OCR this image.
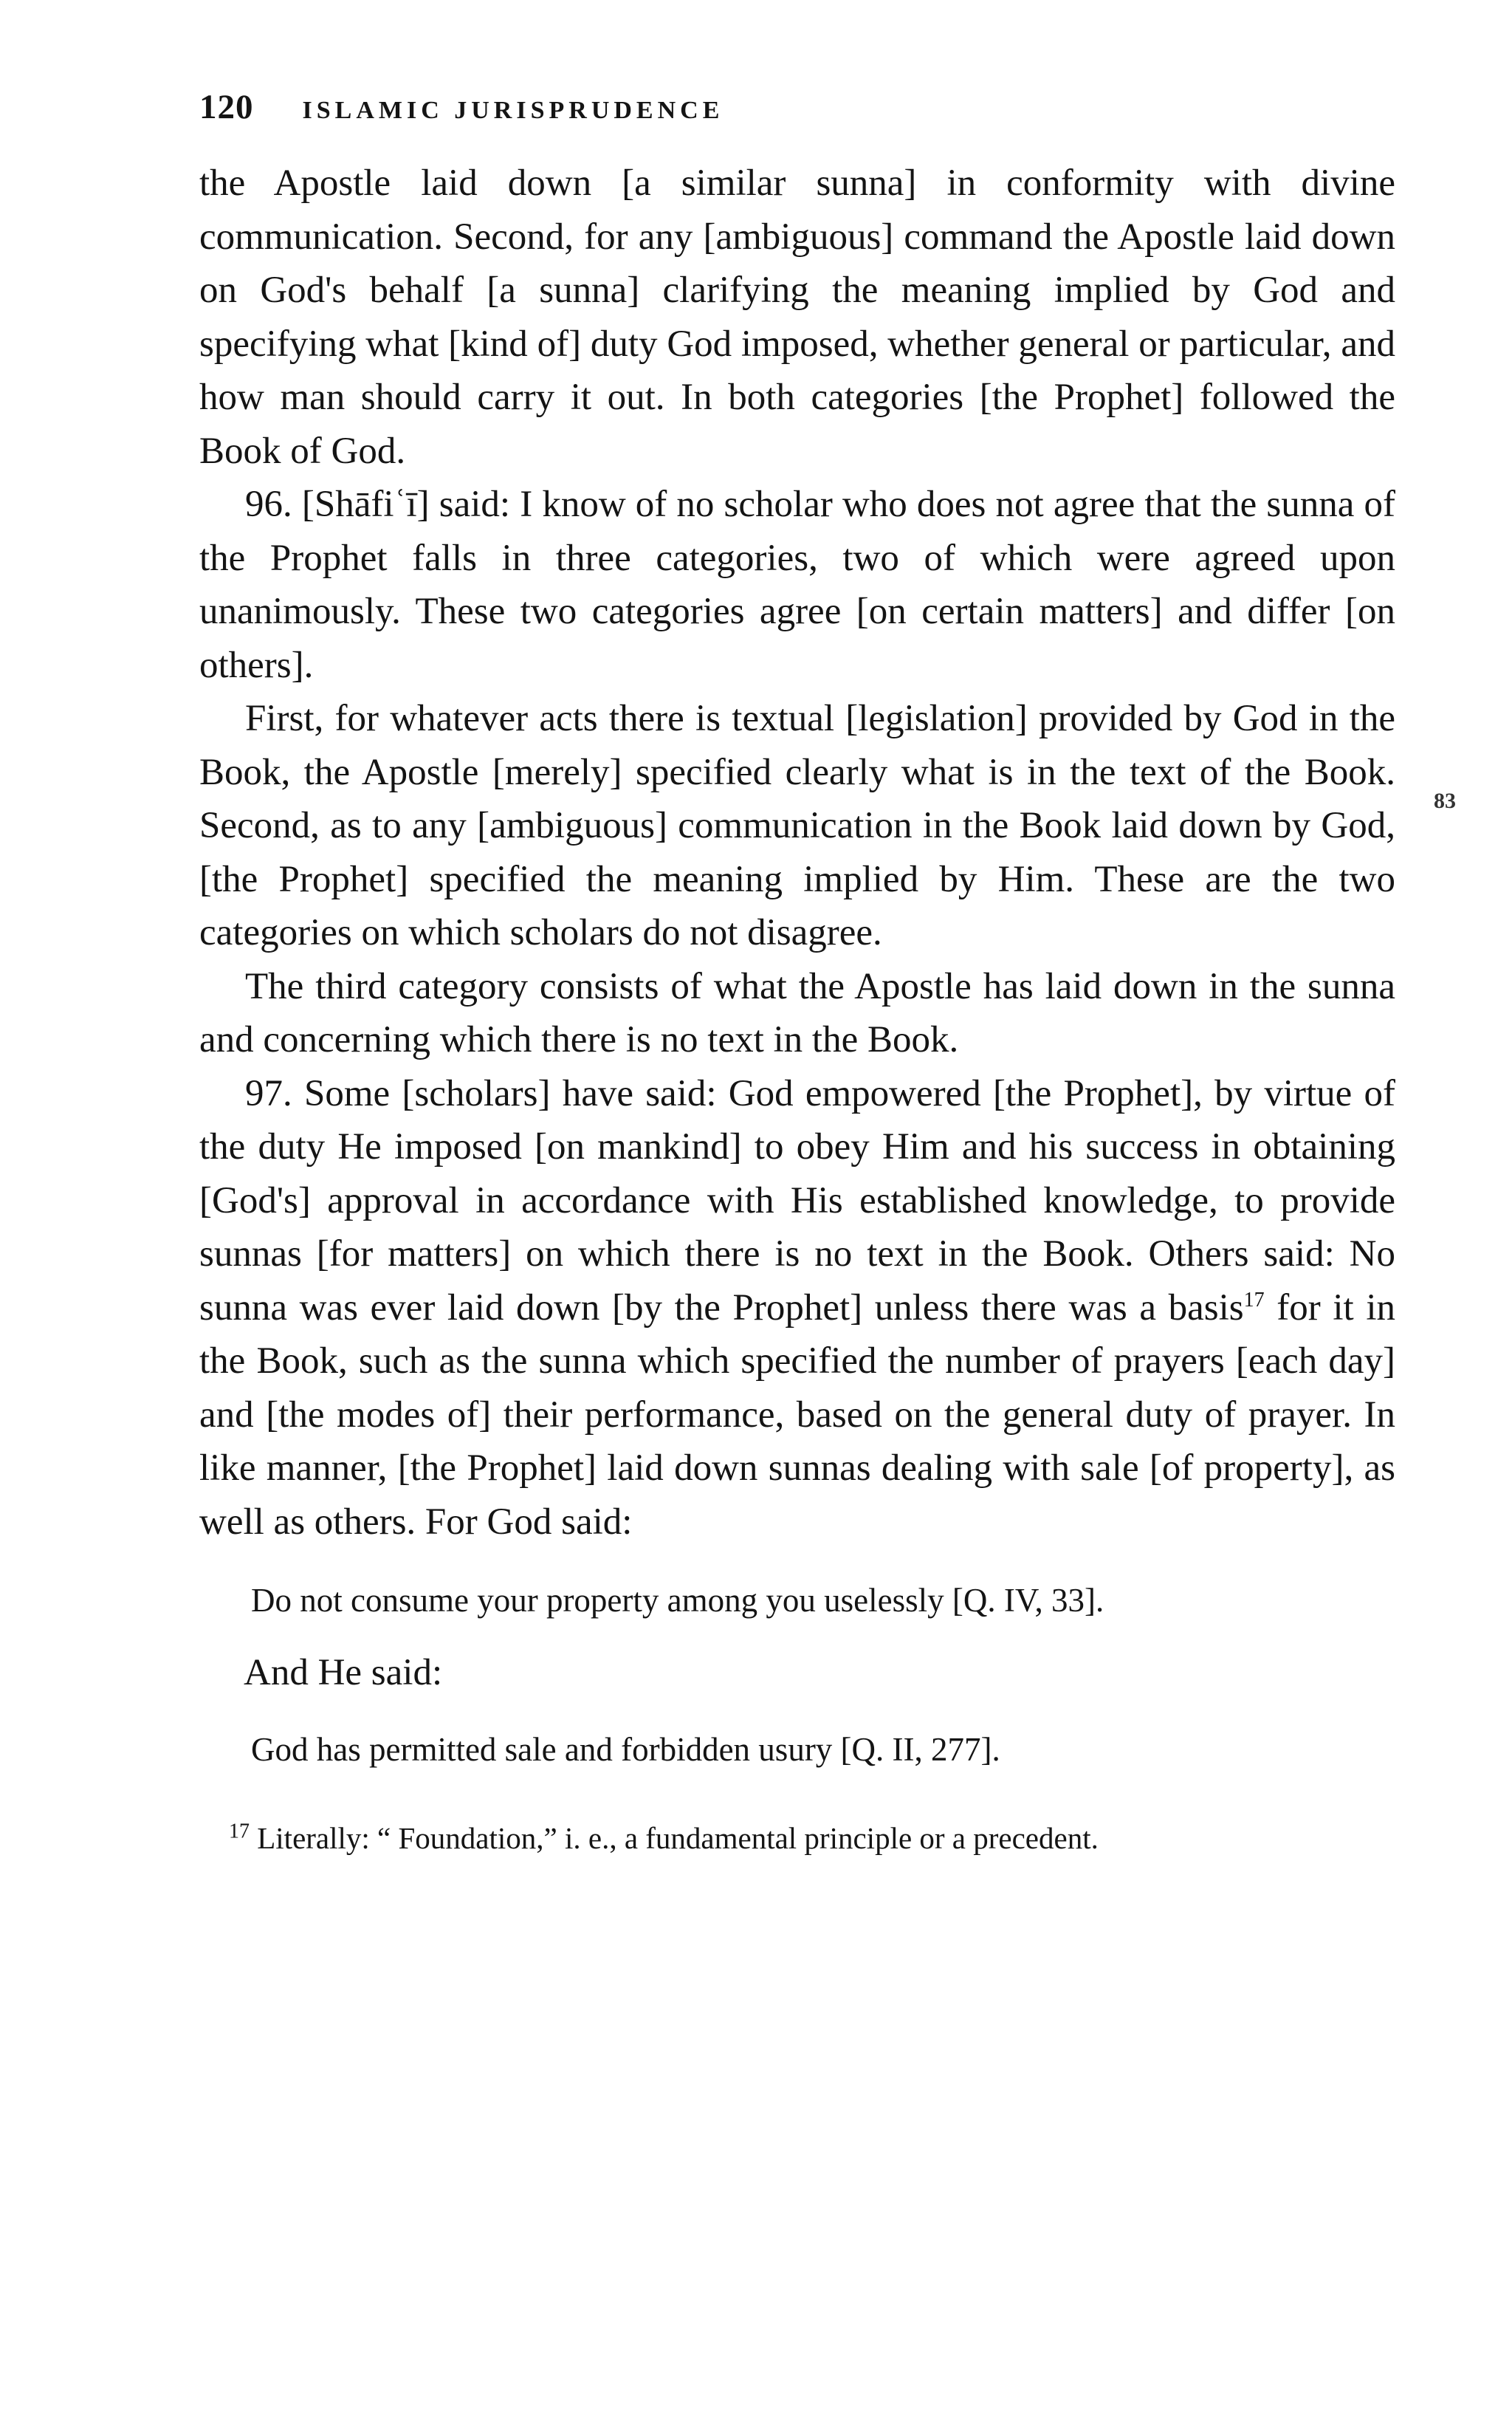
120 ISLAMIC JURISPRUDENCE

the Apostle laid down [a similar sunna] in conformity with divine communication. Second, for any [ambiguous] command the Apostle laid down on God's behalf [a sunna] clarifying the meaning implied by God and specifying what [kind of] duty God imposed, whether general or particular, and how man should carry it out. In both categories [the Prophet] followed the Book of God.

96. [Shāfiʿī] said: I know of no scholar who does not agree that the sunna of the Prophet falls in three categories, two of which were agreed upon unanimously. These two categories agree [on certain matters] and differ [on others].

First, for whatever acts there is textual [legislation] provided by God in the Book, the Apostle [merely] specified clearly what is in the text of the Book. Second, as to any [ambiguous] communication in the Book laid down by God, [the Prophet] specified the meaning implied by Him. These are the two categories on which scholars do not disagree.

The third category consists of what the Apostle has laid down in the sunna and concerning which there is no text in the Book.

97. Some [scholars] have said: God empowered [the Prophet], by virtue of the duty He imposed [on mankind] to obey Him and his success in obtaining [God's] approval in accordance with His established knowledge, to provide sunnas [for matters] on which there is no text in the Book. Others said: No sunna was ever laid down [by the Prophet] unless there was a basis$^{17}$ for it in the Book, such as the sunna which specified the number of prayers [each day] and [the modes of] their performance, based on the general duty of prayer. In like manner, [the Prophet] laid down sunnas dealing with sale [of property], as well as others. For God said:

Do not consume your property among you uselessly [Q. IV, 33].
And He said:
God has permitted sale and forbidden usury [Q. II, 277].
$^{17}$ Literally: “ Foundation,” i. e., a fundamental principle or a precedent.
83
